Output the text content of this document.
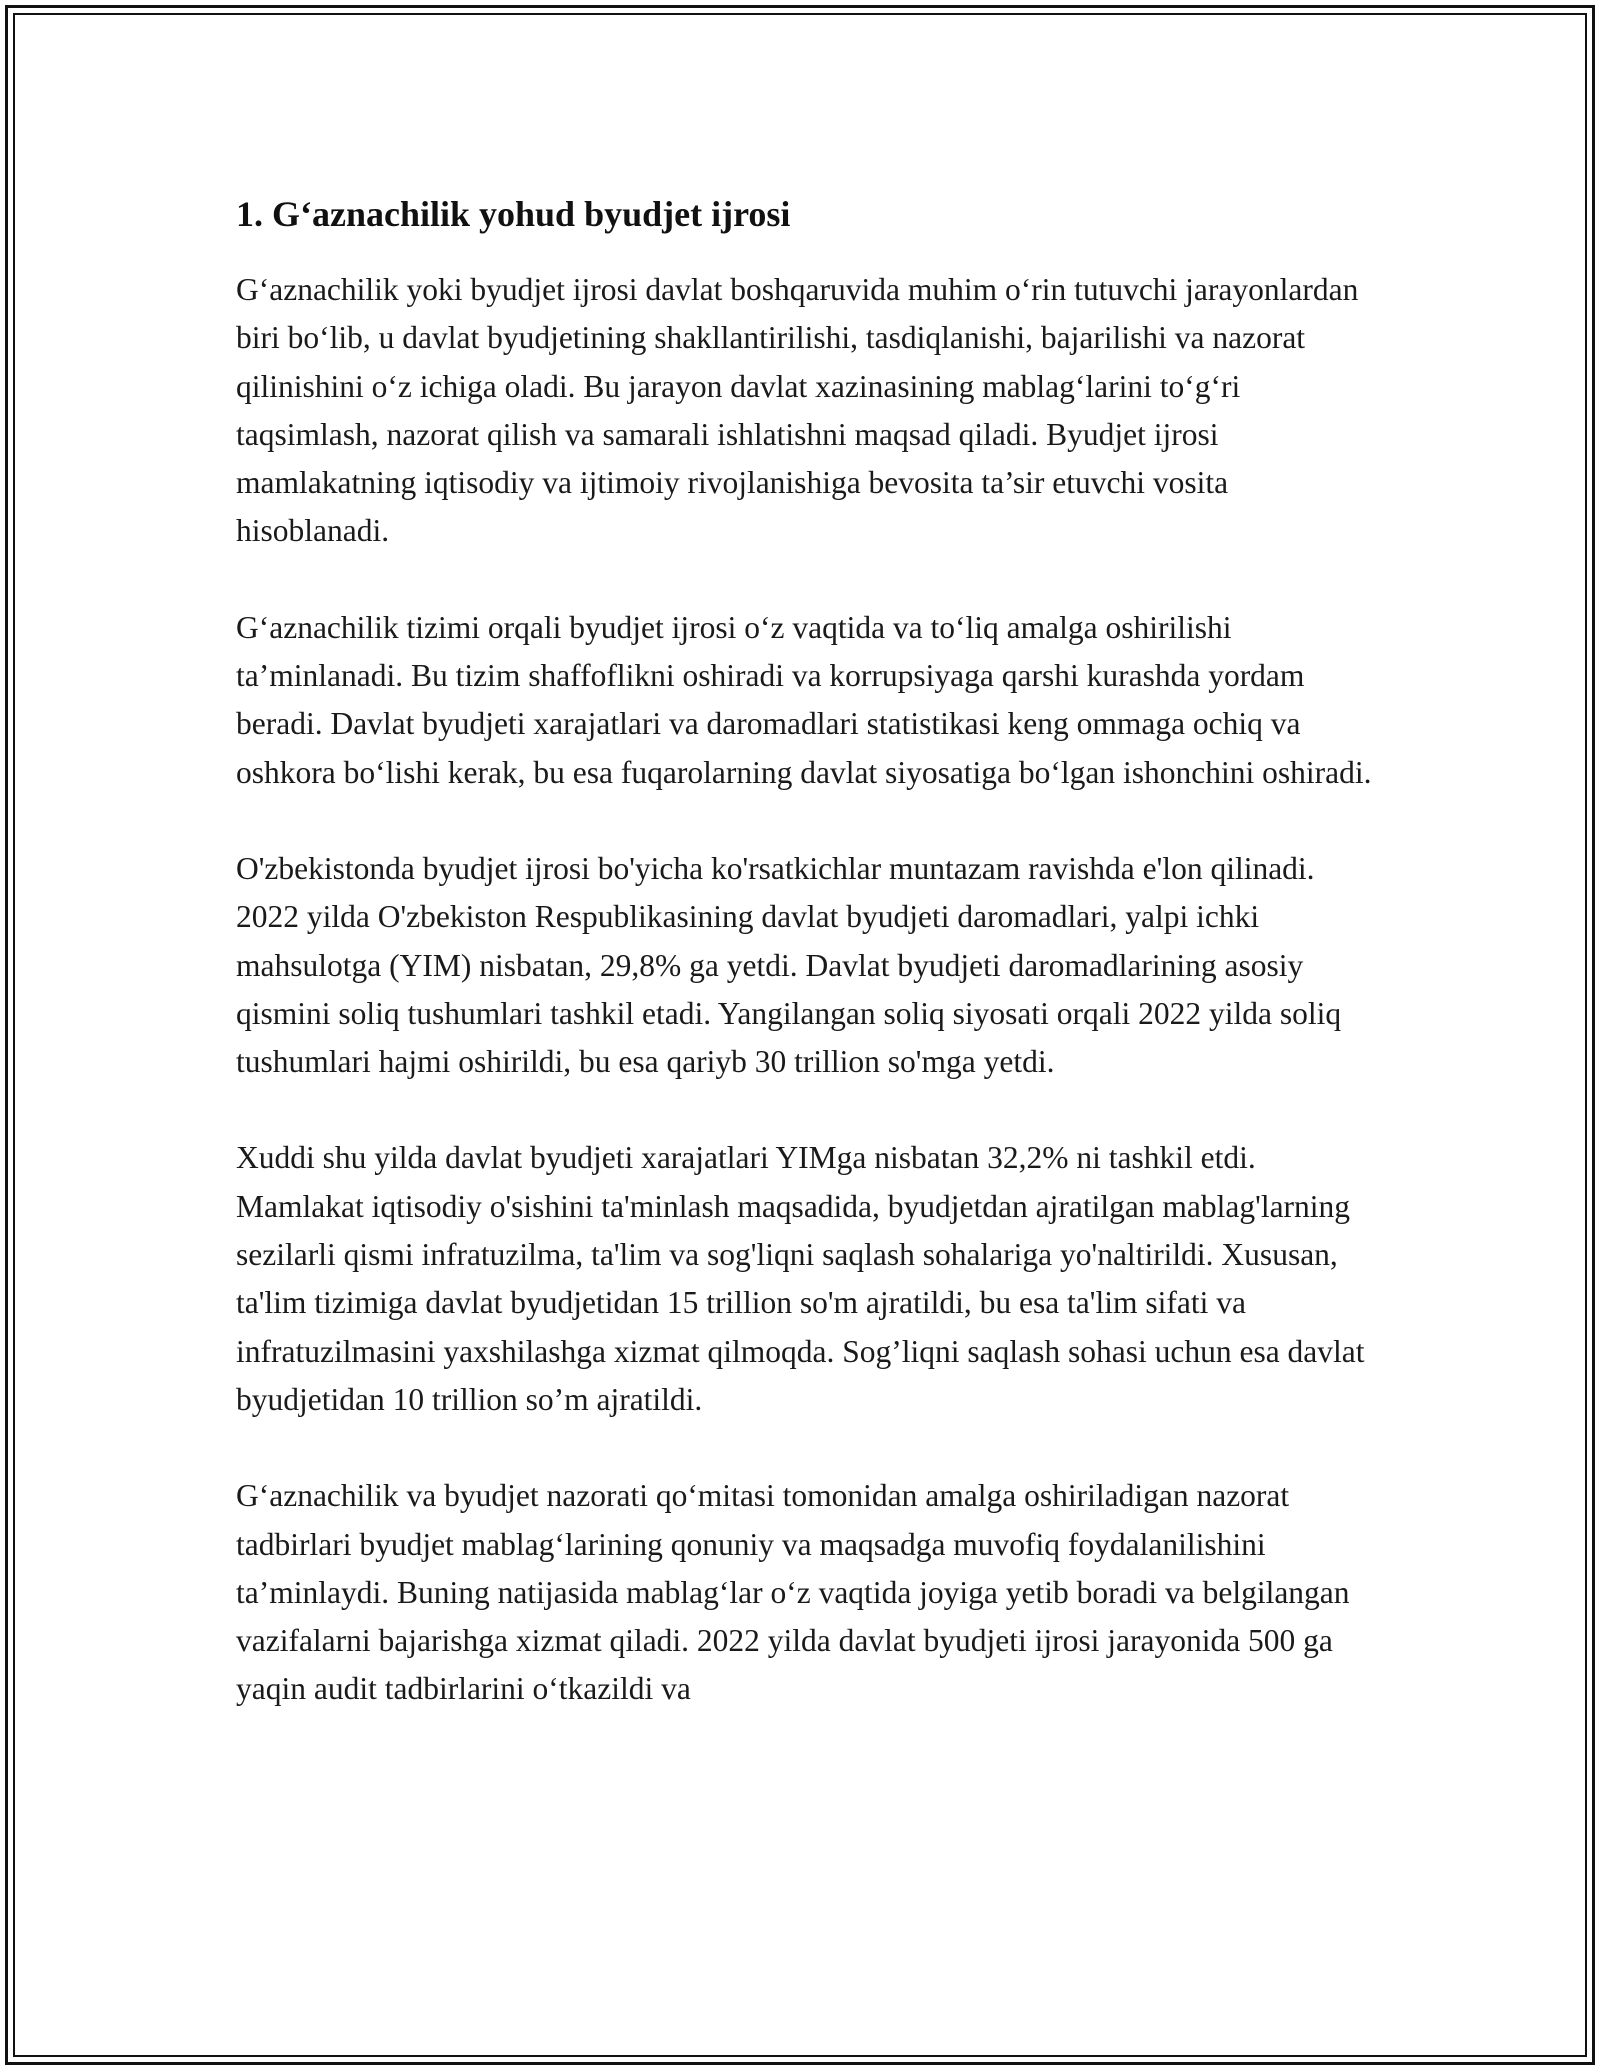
1. G‘aznachilik yohud byudjet ijrosi

G‘aznachilik yoki byudjet ijrosi davlat boshqaruvida muhim o‘rin tutuvchi jarayonlardan biri bo‘lib, u davlat byudjetining shakllantirilishi, tasdiqlanishi, bajarilishi va nazorat qilinishini o‘z ichiga oladi. Bu jarayon davlat xazinasining mablag‘larini to‘g‘ri taqsimlash, nazorat qilish va samarali ishlatishni maqsad qiladi. Byudjet ijrosi mamlakatning iqtisodiy va ijtimoiy rivojlanishiga bevosita ta’sir etuvchi vosita hisoblanadi.

G‘aznachilik tizimi orqali byudjet ijrosi o‘z vaqtida va to‘liq amalga oshirilishi ta’minlanadi. Bu tizim shaffoflikni oshiradi va korrupsiyaga qarshi kurashda yordam beradi. Davlat byudjeti xarajatlari va daromadlari statistikasi keng ommaga ochiq va oshkora bo‘lishi kerak, bu esa fuqarolarning davlat siyosatiga bo‘lgan ishonchini oshiradi.

O'zbekistonda byudjet ijrosi bo'yicha ko'rsatkichlar muntazam ravishda e'lon qilinadi. 2022 yilda O'zbekiston Respublikasining davlat byudjeti daromadlari, yalpi ichki mahsulotga (YIM) nisbatan, 29,8% ga yetdi. Davlat byudjeti daromadlarining asosiy qismini soliq tushumlari tashkil etadi. Yangilangan soliq siyosati orqali 2022 yilda soliq tushumlari hajmi oshirildi, bu esa qariyb 30 trillion so'mga yetdi.

Xuddi shu yilda davlat byudjeti xarajatlari YIMga nisbatan 32,2% ni tashkil etdi. Mamlakat iqtisodiy o'sishini ta'minlash maqsadida, byudjetdan ajratilgan mablag'larning sezilarli qismi infratuzilma, ta'lim va sog'liqni saqlash sohalariga yo'naltirildi. Xususan, ta'lim tizimiga davlat byudjetidan 15 trillion so'm ajratildi, bu esa ta'lim sifati va infratuzilmasini yaxshilashga xizmat qilmoqda. Sog’liqni saqlash sohasi uchun esa davlat byudjetidan 10 trillion so’m ajratildi.

G‘aznachilik va byudjet nazorati qo‘mitasi tomonidan amalga oshiriladigan nazorat tadbirlari byudjet mablag‘larining qonuniy va maqsadga muvofiq foydalanilishini ta’minlaydi. Buning natijasida mablag‘lar o‘z vaqtida joyiga yetib boradi va belgilangan vazifalarni bajarishga xizmat qiladi. 2022 yilda davlat byudjeti ijrosi jarayonida 500 ga yaqin audit tadbirlarini o‘tkazildi va
